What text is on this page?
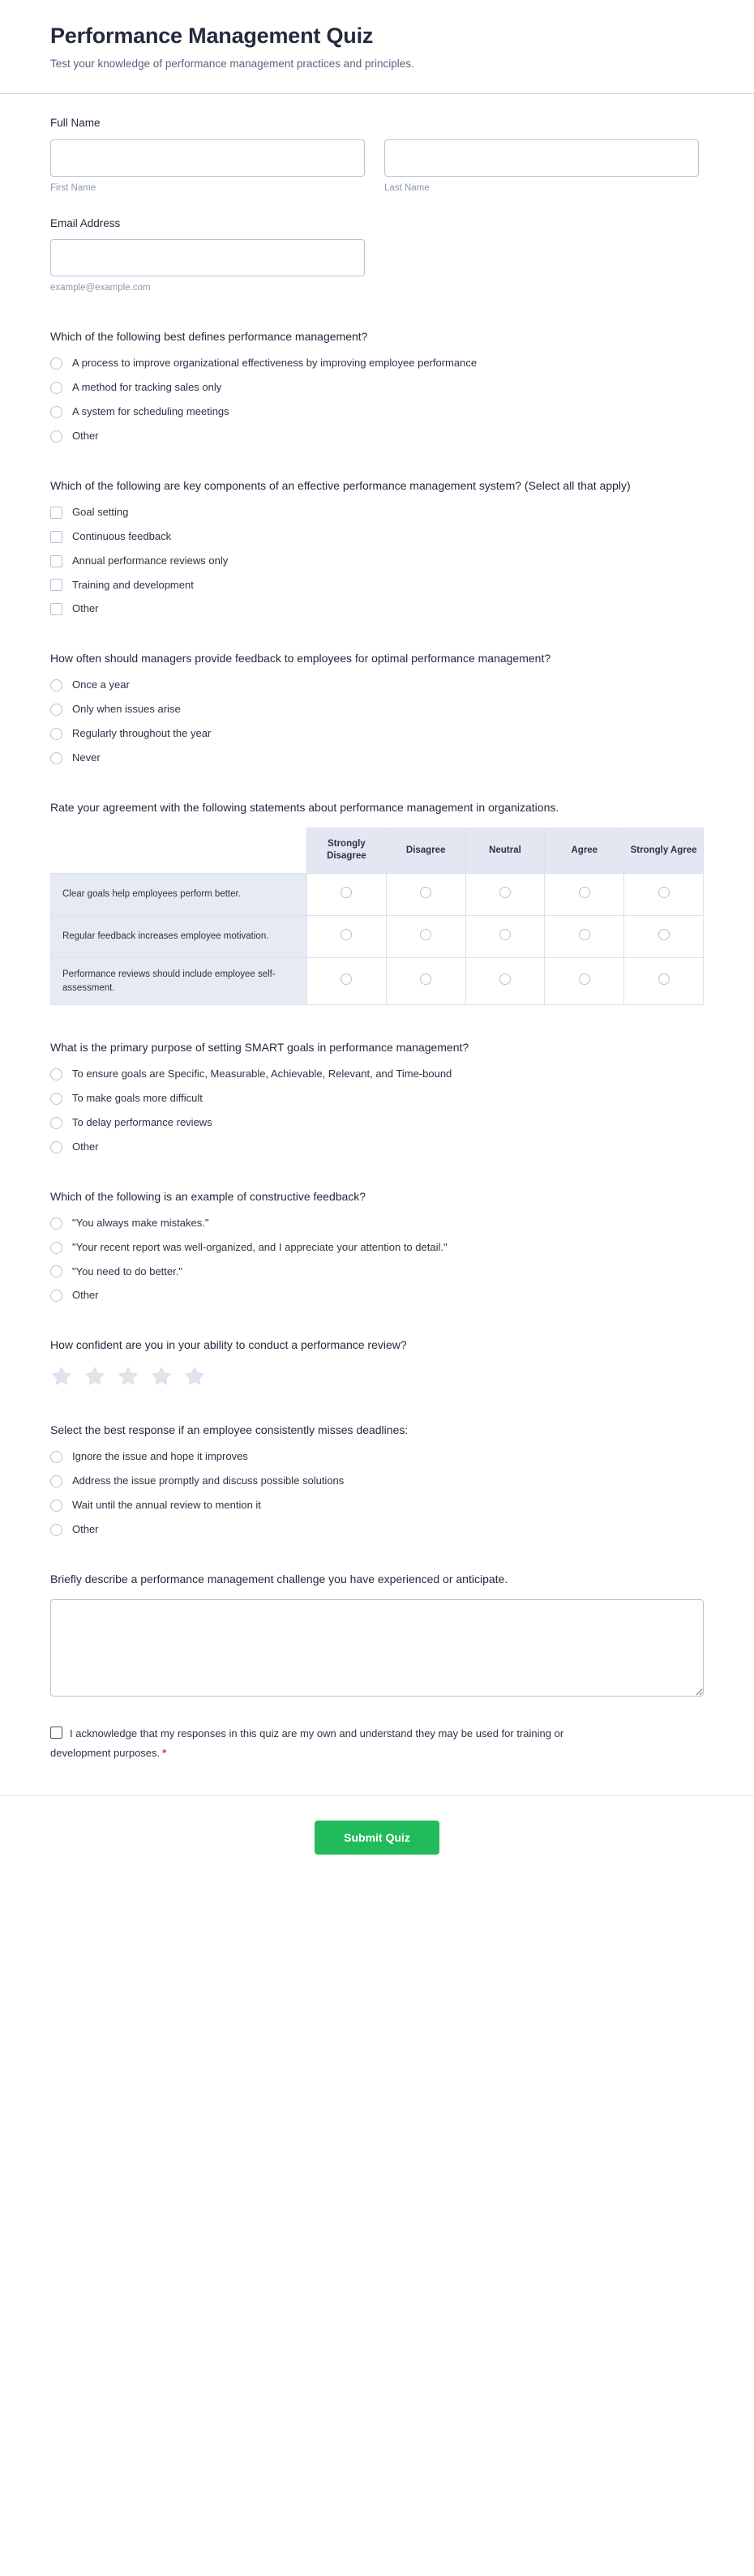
Performance Management Quiz

Test your knowledge of performance management practices and principles.

Full Name
First Name	Last Name
Email Address
example@example.com
Which of the following best defines performance management?
A process to improve organizational effectiveness by improving employee performance
A method for tracking sales only
A system for scheduling meetings
Other
Which of the following are key components of an effective performance management system? (Select all that apply)
Goal setting
Continuous feedback
Annual performance reviews only
Training and development
Other
How often should managers provide feedback to employees for optimal performance management?
Once a year
Only when issues arise
Regularly throughout the year
Never
Rate your agreement with the following statements about performance management in organizations.
	Strongly Disagree	Disagree	Neutral	Agree	Strongly Agree
Clear goals help employees perform better.					
Regular feedback increases employee motivation.					
Performance reviews should include employee self-assessment.					
What is the primary purpose of setting SMART goals in performance management?
To ensure goals are Specific, Measurable, Achievable, Relevant, and Time-bound
To make goals more difficult
To delay performance reviews
Other
Which of the following is an example of constructive feedback?
"You always make mistakes."
"Your recent report was well-organized, and I appreciate your attention to detail."
"You need to do better."
Other
How confident are you in your ability to conduct a performance review?
Select the best response if an employee consistently misses deadlines:
Ignore the issue and hope it improves
Address the issue promptly and discuss possible solutions
Wait until the annual review to mention it
Other
Briefly describe a performance management challenge you have experienced or anticipate.
I acknowledge that my responses in this quiz are my own and understand they may be used for training or development purposes. *
Submit Quiz
